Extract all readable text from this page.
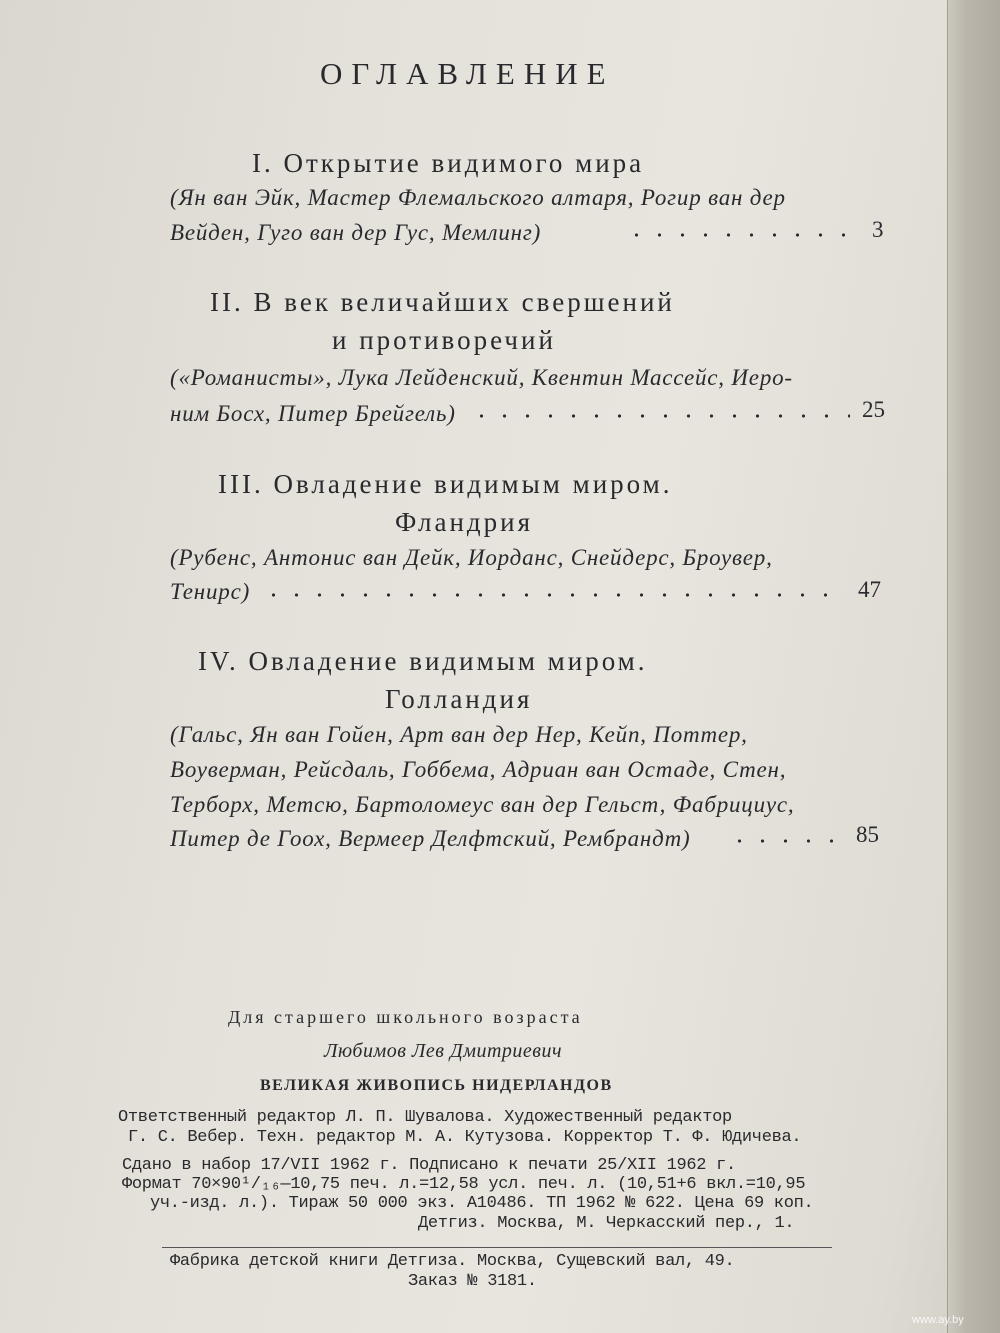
ОГЛАВЛЕНИЕ
I. Открытие видимого мира
(Ян ван Эйк, Мастер Флемальского алтаря, Рогир ван дер
Вейден, Гуго ван дер Гус, Мемлинг)	3
II. В век величайших свершений
и противоречий
(«Романисты», Лука Лейденский, Квентин Массейс, Иеро-
ним Босх, Питер Брейгель)	25
III. Овладение видимым миром.
Фландрия
(Рубенс, Антонис ван Дейк, Иорданс, Снейдерс, Броувер,
Тенирс)	47
IV. Овладение видимым миром.
Голландия
(Гальс, Ян ван Гойен, Арт ван дер Нер, Кейп, Поттер,
Воуверман, Рейсдаль, Гоббема, Адриан ван Остаде, Стен,
Терборх, Метсю, Бартоломеус ван дер Гельст, Фабрициус,
Питер де Гоох, Вермеер Делфтский, Рембрандт)	85
Для старшего школьного возраста
Любимов Лев Дмитриевич
ВЕЛИКАЯ ЖИВОПИСЬ НИДЕРЛАНДОВ
Ответственный редактор Л. П. Шувалова. Художественный редактор
Г. С. Вебер. Техн. редактор М. А. Кутузова. Корректор Т. Ф. Юдичева.
Сдано в набор 17/VII 1962 г. Подписано к печати 25/XII 1962 г.
Формат 70×90¹/₁₆—10,75 печ. л.=12,58 усл. печ. л. (10,51+6 вкл.=10,95
уч.-изд. л.). Тираж 50 000 экз. А10486. ТП 1962 № 622. Цена 69 коп.
Детгиз. Москва, М. Черкасский пер., 1.
Фабрика детской книги Детгиза. Москва, Сущевский вал, 49.
Заказ № 3181.
www.ay.by
